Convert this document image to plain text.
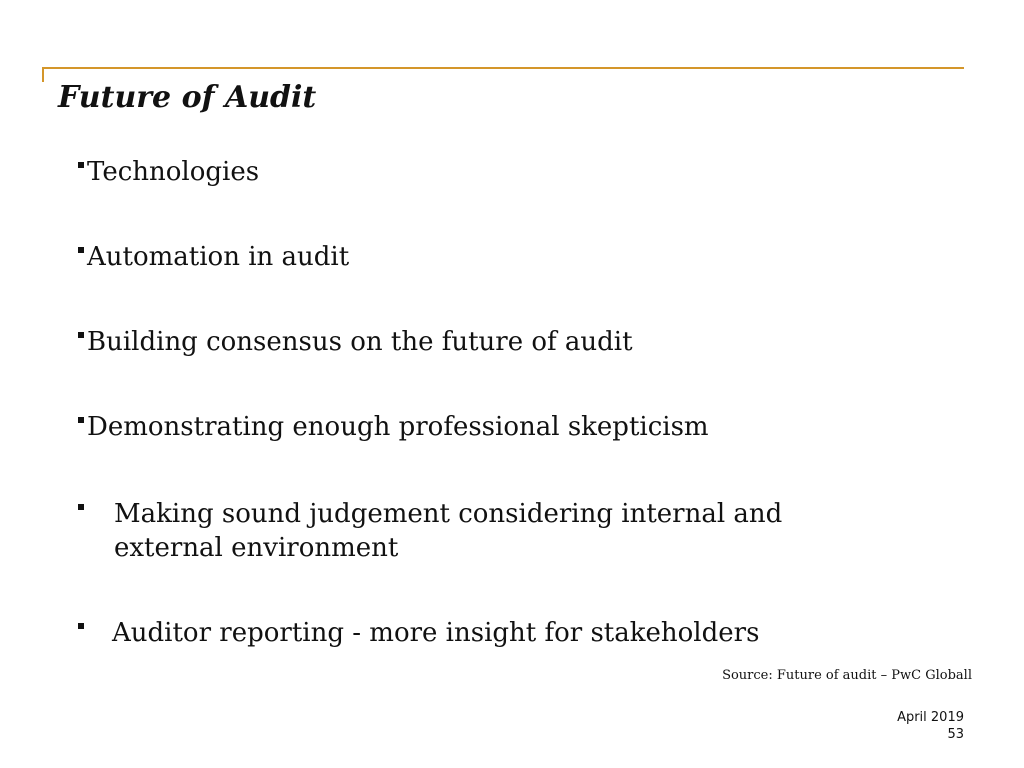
Future of Audit
Technologies
Automation in audit
Building consensus on the future of audit
Demonstrating enough professional skepticism
Making sound judgement considering internal and external environment
Auditor reporting - more insight for stakeholders
Source: Future of audit – PwC Globall
April 2019
53
